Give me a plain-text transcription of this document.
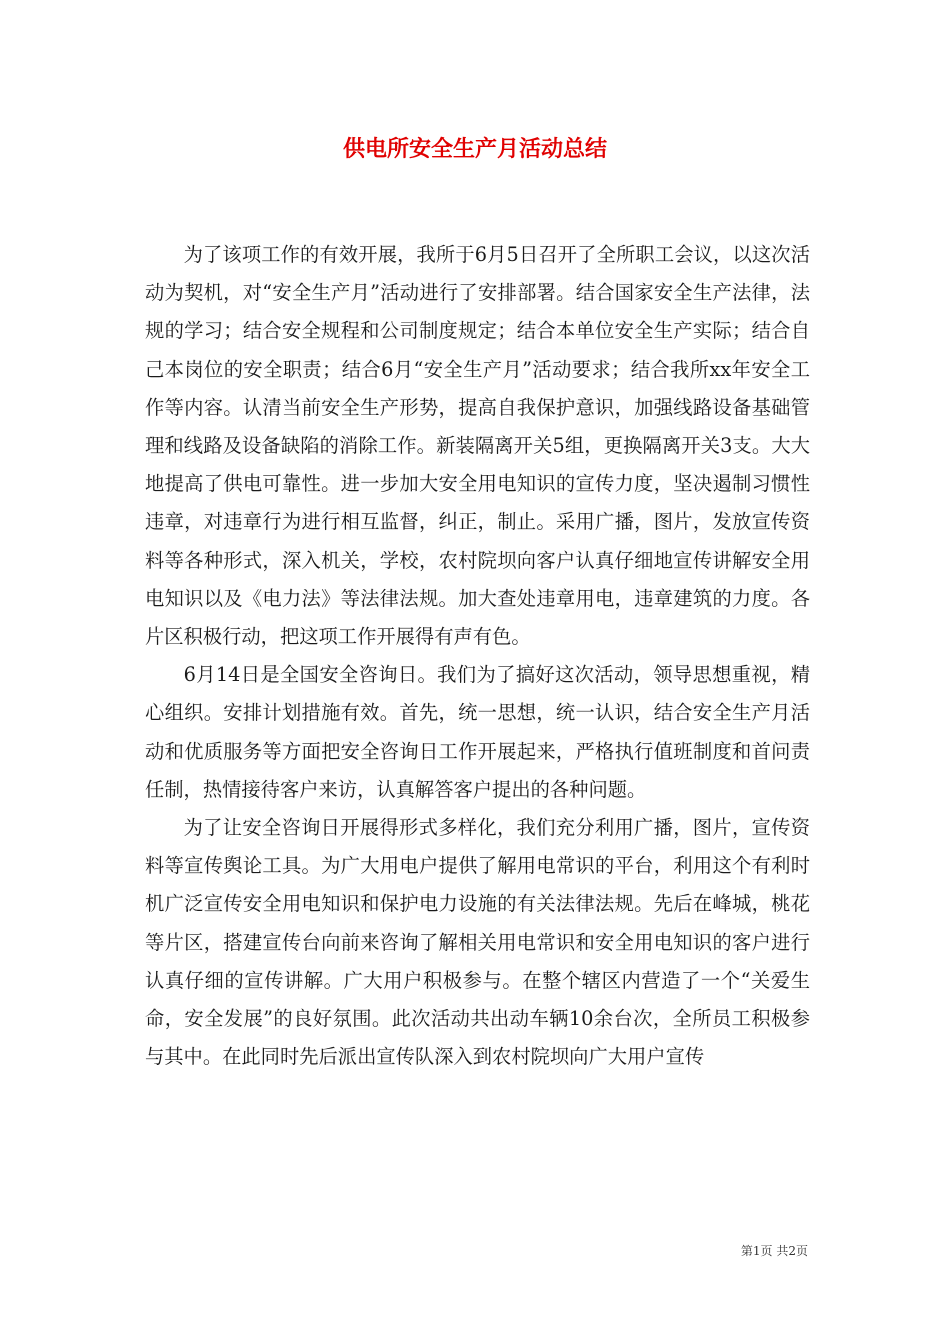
供电所安全生产月活动总结

为了该项工作的有效开展，我所于6月5日召开了全所职工会议，以这次活动为契机，对“安全生产月”活动进行了安排部署。结合国家安全生产法律，法规的学习；结合安全规程和公司制度规定；结合本单位安全生产实际；结合自己本岗位的安全职责；结合6月“安全生产月”活动要求；结合我所xx年安全工作等内容。认清当前安全生产形势，提高自我保护意识，加强线路设备基础管理和线路及设备缺陷的消除工作。新装隔离开关5组，更换隔离开关3支。大大地提高了供电可靠性。进一步加大安全用电知识的宣传力度，坚决遏制习惯性违章，对违章行为进行相互监督，纠正，制止。采用广播，图片，发放宣传资料等各种形式，深入机关，学校，农村院坝向客户认真仔细地宣传讲解安全用电知识以及《电力法》等法律法规。加大查处违章用电，违章建筑的力度。各片区积极行动，把这项工作开展得有声有色。

6月14日是全国安全咨询日。我们为了搞好这次活动，领导思想重视，精心组织。安排计划措施有效。首先，统一思想，统一认识，结合安全生产月活动和优质服务等方面把安全咨询日工作开展起来，严格执行值班制度和首问责任制，热情接待客户来访，认真解答客户提出的各种问题。

为了让安全咨询日开展得形式多样化，我们充分利用广播，图片，宣传资料等宣传舆论工具。为广大用电户提供了解用电常识的平台，利用这个有利时机广泛宣传安全用电知识和保护电力设施的有关法律法规。先后在峰城，桃花等片区，搭建宣传台向前来咨询了解相关用电常识和安全用电知识的客户进行认真仔细的宣传讲解。广大用户积极参与。在整个辖区内营造了一个“关爱生命，安全发展”的良好氛围。此次活动共出动车辆10余台次，全所员工积极参与其中。在此同时先后派出宣传队深入到农村院坝向广大用户宣传

第1页 共2页
